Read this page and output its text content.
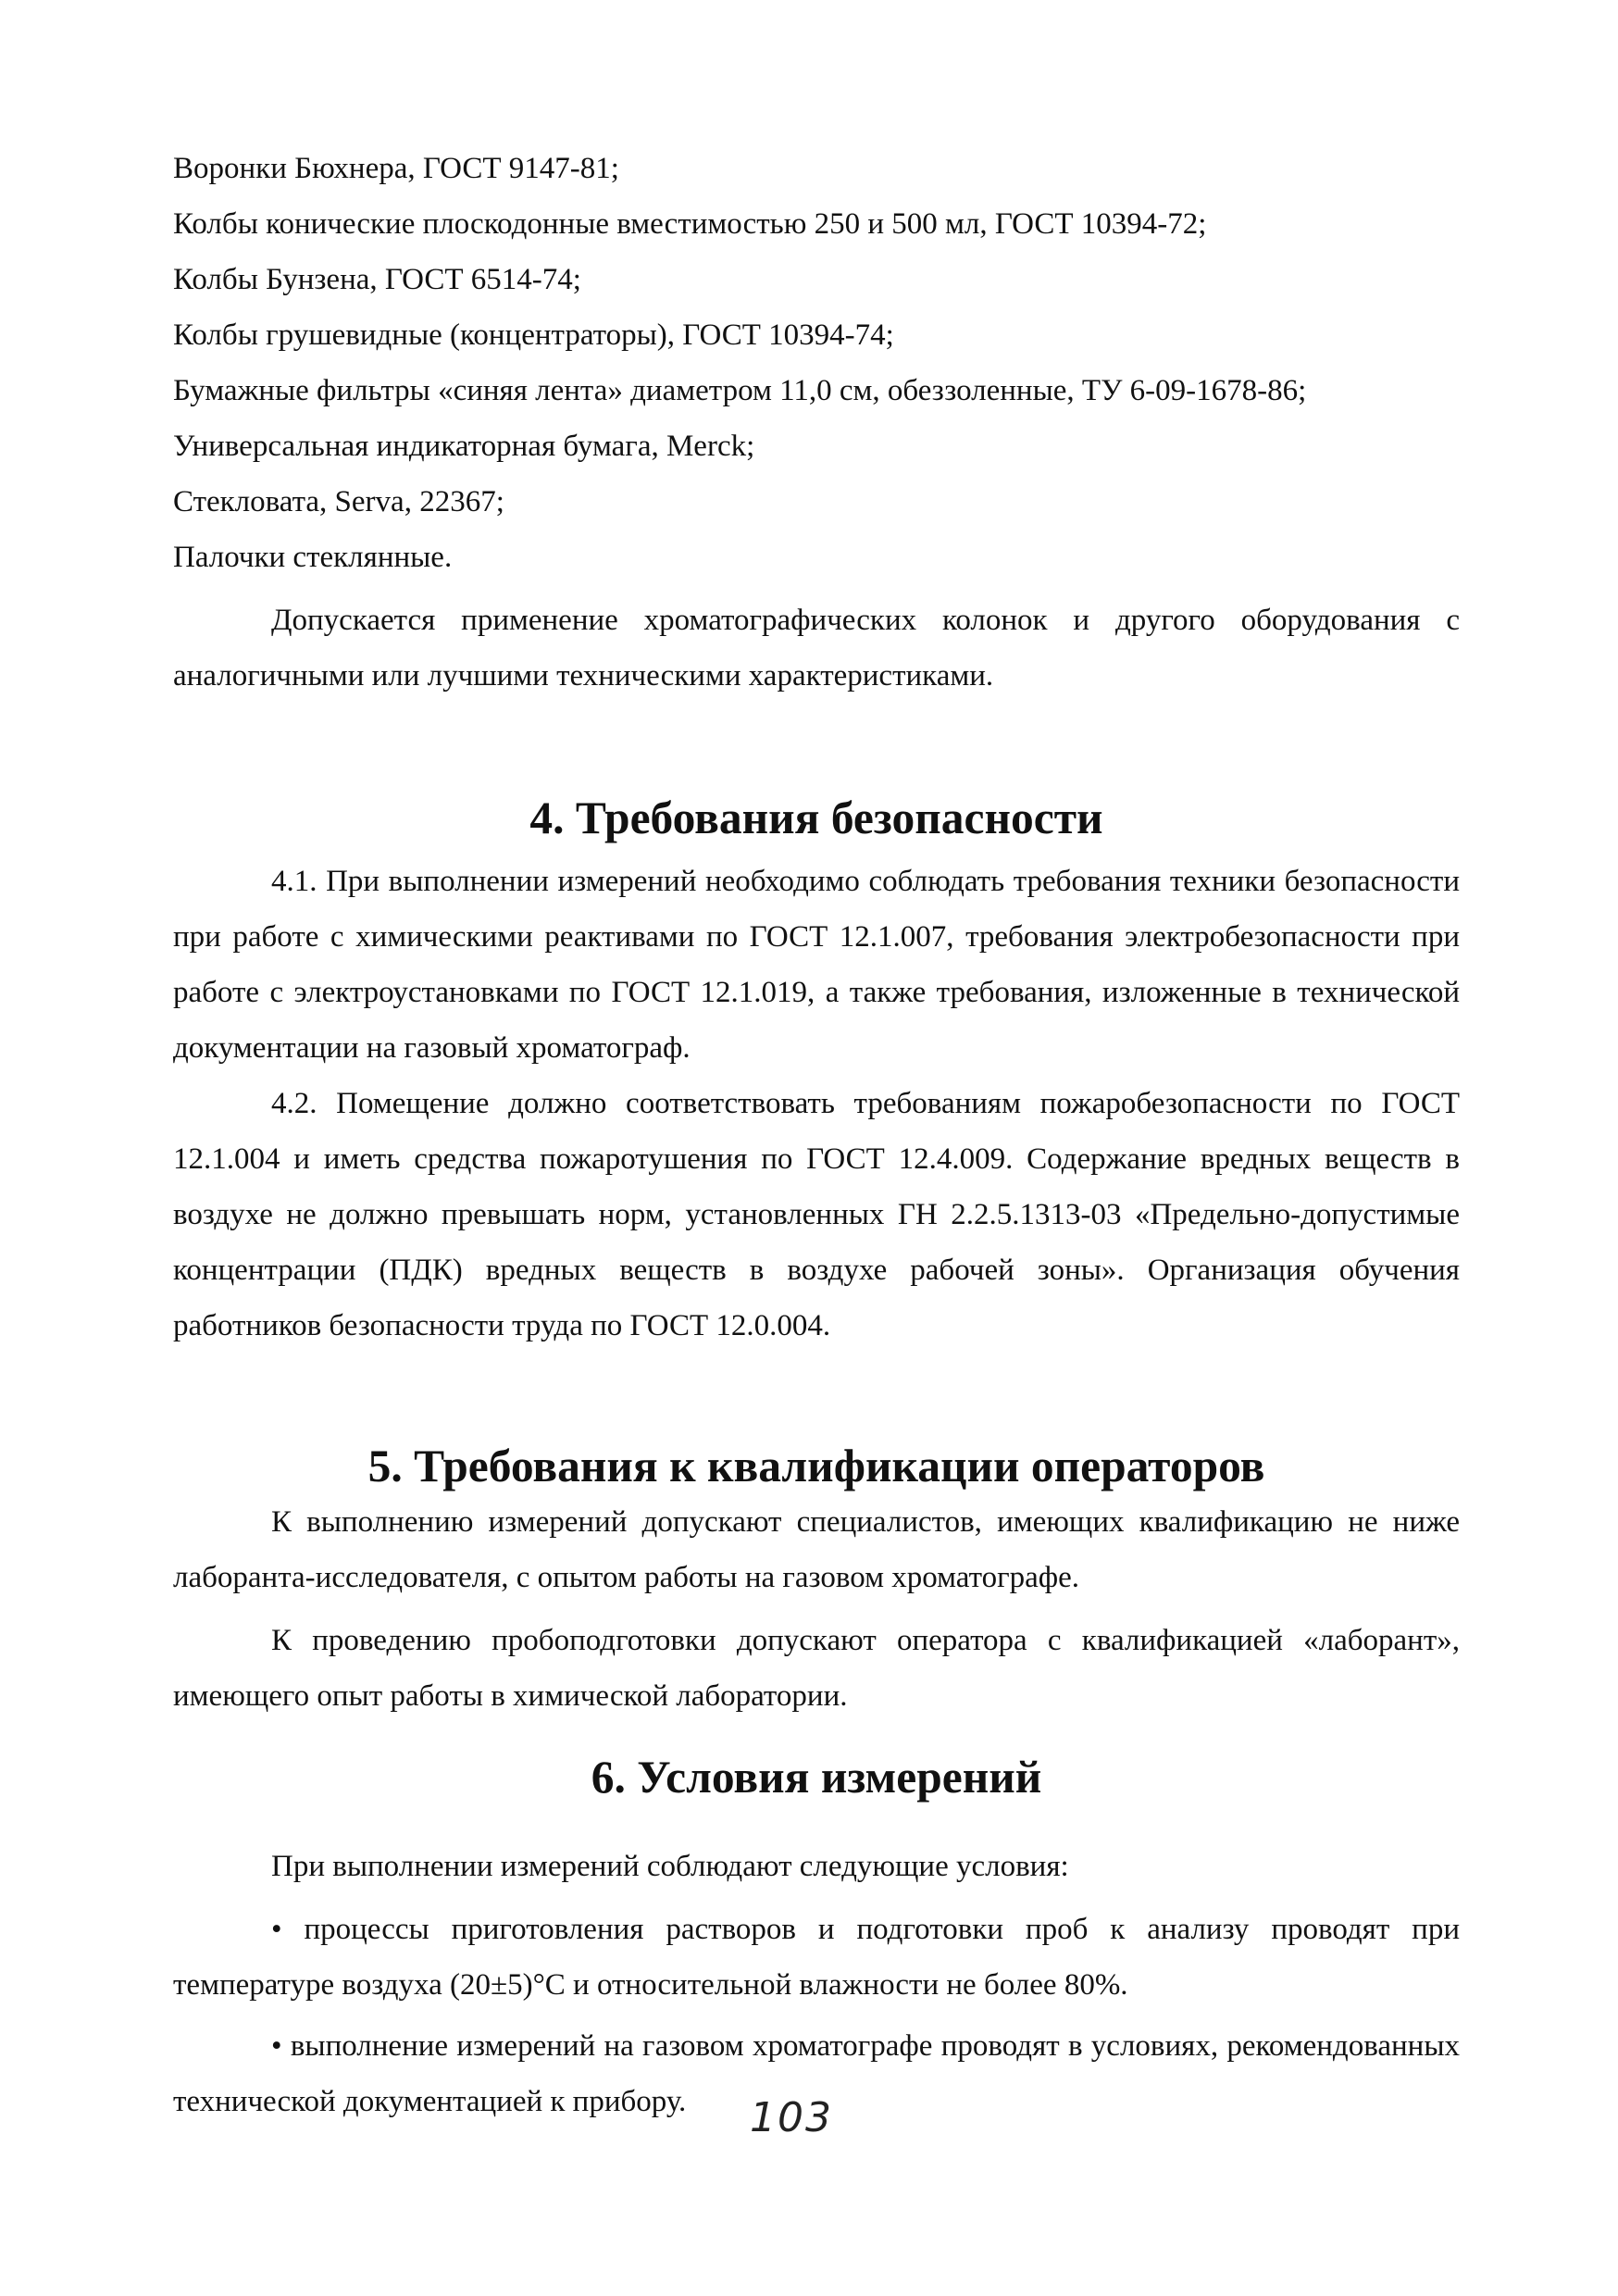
Воронки Бюхнера, ГОСТ 9147-81;

Колбы конические плоскодонные вместимостью 250 и 500 мл, ГОСТ 10394-72;

Колбы Бунзена, ГОСТ 6514-74;

Колбы грушевидные (концентраторы), ГОСТ 10394-74;

Бумажные фильтры «синяя лента» диаметром 11,0 см, обеззоленные, ТУ 6-09-1678-86;

Универсальная индикаторная бумага, Merck;

Стекловата, Serva, 22367;

Палочки стеклянные.

Допускается применение хроматографических колонок и другого оборудования с аналогичными или лучшими техническими характеристиками.

4. Требования безопасности

4.1. При выполнении измерений необходимо соблюдать требования техники безопасности при работе с химическими реактивами по ГОСТ 12.1.007, требования электробезопасности при работе с электроустановками по ГОСТ 12.1.019, а также требования, изложенные в технической документации на газовый хроматограф.

4.2. Помещение должно соответствовать требованиям пожаробезопасности по ГОСТ 12.1.004 и иметь средства пожаротушения по ГОСТ 12.4.009. Содержание вредных веществ в воздухе не должно превышать норм, установленных ГН 2.2.5.1313-03 «Предельно-допустимые концентрации (ПДК) вредных веществ в воздухе рабочей зоны». Организация обучения работников безопасности труда по ГОСТ 12.0.004.

5. Требования к квалификации операторов

К выполнению измерений допускают специалистов, имеющих квалификацию не ниже лаборанта-исследователя, с опытом работы на газовом хроматографе.

К проведению пробоподготовки допускают оператора с квалификацией «лаборант», имеющего опыт работы в химической лаборатории.

6. Условия измерений

При выполнении измерений соблюдают следующие условия:

• процессы приготовления растворов и подготовки проб к анализу проводят при температуре воздуха (20±5)°С и относительной влажности не более 80%.

• выполнение измерений на газовом хроматографе проводят в условиях, рекомендованных технической документацией к прибору.	103
